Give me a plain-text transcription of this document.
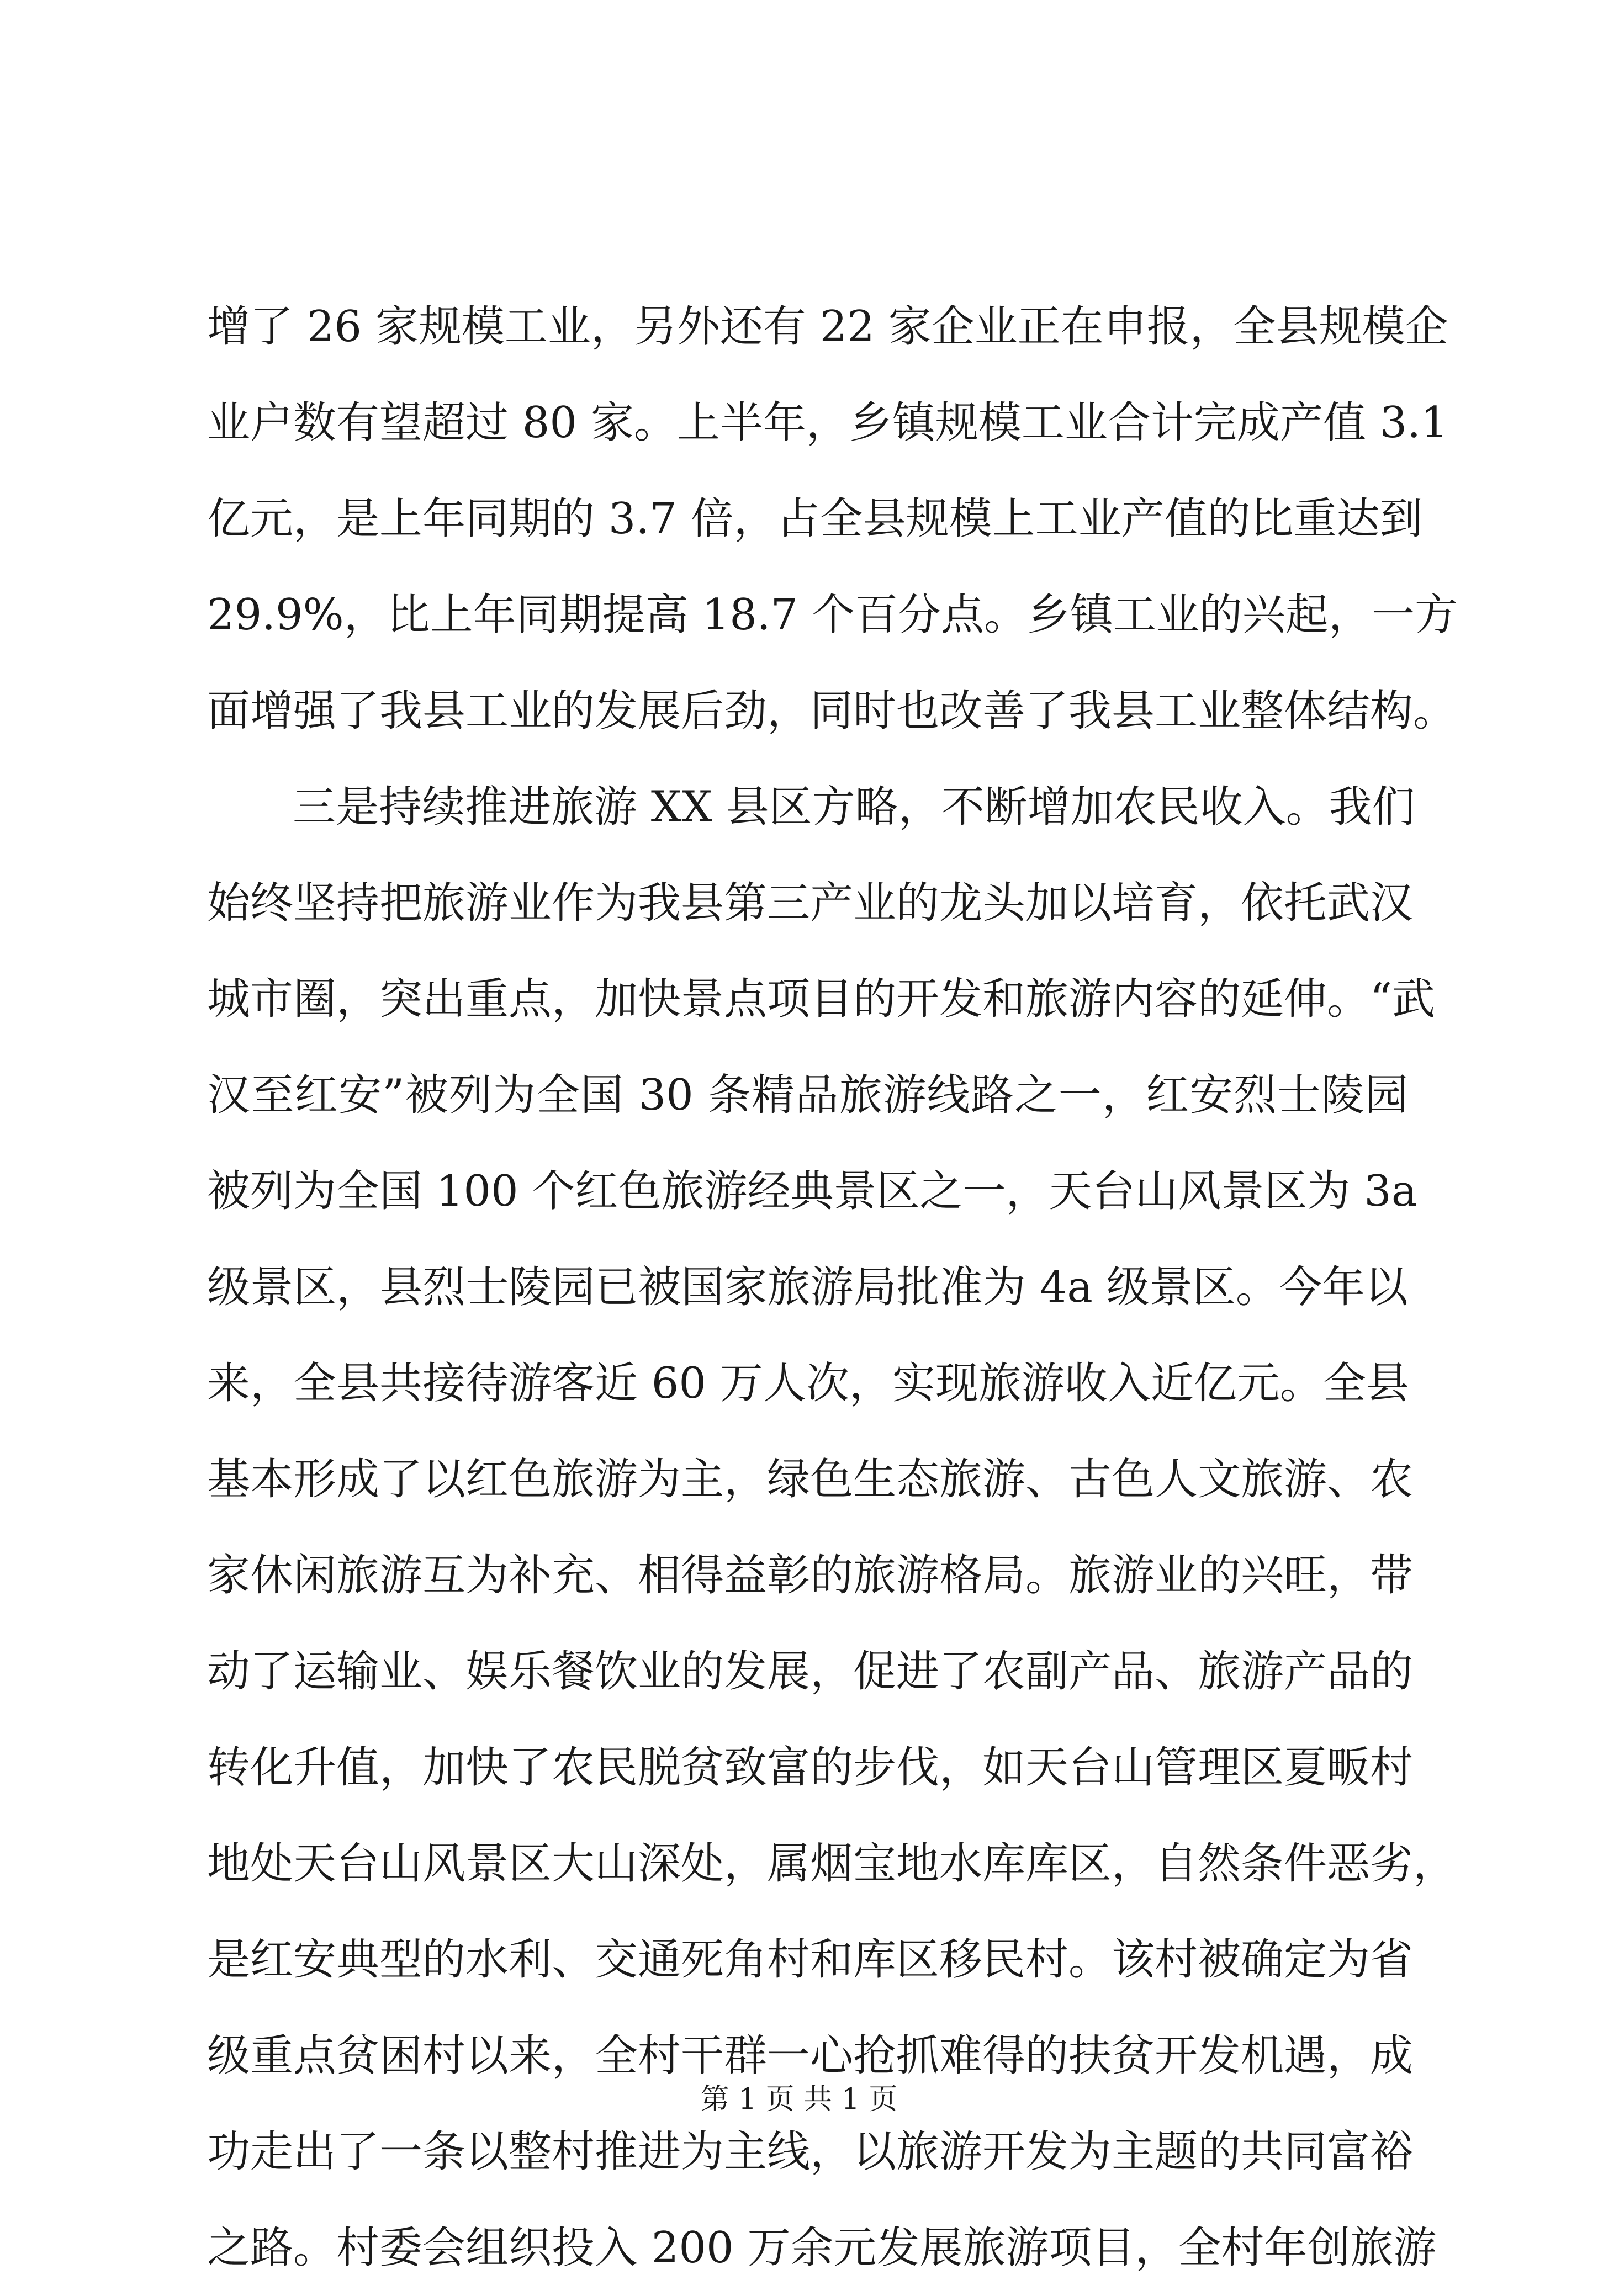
增了 26 家规模工业，另外还有 22 家企业正在申报，全县规模企
业户数有望超过 80 家。上半年，乡镇规模工业合计完成产值 3.1
亿元，是上年同期的 3.7 倍，占全县规模上工业产值的比重达到
29.9%，比上年同期提高 18.7 个百分点。乡镇工业的兴起，一方
面增强了我县工业的发展后劲，同时也改善了我县工业整体结构。
三是持续推进旅游 XX 县区方略，不断增加农民收入。我们
始终坚持把旅游业作为我县第三产业的龙头加以培育，依托武汉
城市圈，突出重点，加快景点项目的开发和旅游内容的延伸。“武
汉至红安”被列为全国 30 条精品旅游线路之一，红安烈士陵园
被列为全国 100 个红色旅游经典景区之一，天台山风景区为 3a
级景区，县烈士陵园已被国家旅游局批准为 4a 级景区。今年以
来，全县共接待游客近 60 万人次，实现旅游收入近亿元。全县
基本形成了以红色旅游为主，绿色生态旅游、古色人文旅游、农
家休闲旅游互为补充、相得益彰的旅游格局。旅游业的兴旺，带
动了运输业、娱乐餐饮业的发展，促进了农副产品、旅游产品的
转化升值，加快了农民脱贫致富的步伐，如天台山管理区夏畈村
地处天台山风景区大山深处，属烟宝地水库库区，自然条件恶劣，
是红安典型的水利、交通死角村和库区移民村。该村被确定为省
级重点贫困村以来，全村干群一心抢抓难得的扶贫开发机遇，成
功走出了一条以整村推进为主线，以旅游开发为主题的共同富裕
之路。村委会组织投入 200 万余元发展旅游项目，全村年创旅游
第 1 页 共 1 页
